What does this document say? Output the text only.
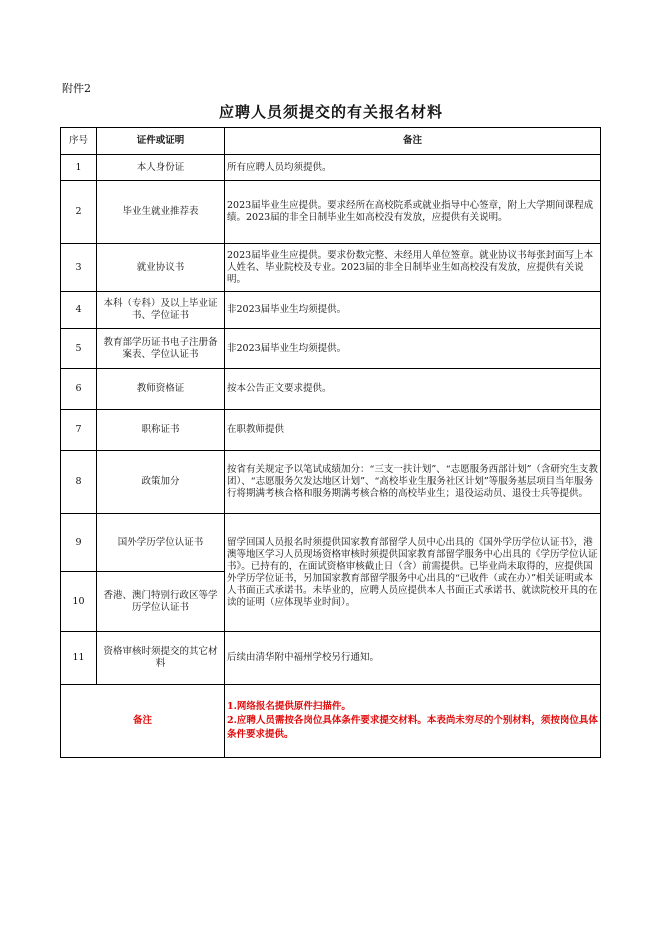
附件2
应聘人员须提交的有关报名材料
序号	证件或证明	备注
1	本人身份证	所有应聘人员均须提供。
2	毕业生就业推荐表	2023届毕业生应提供。要求经所在高校院系或就业指导中心签章，附上大学期间课程成绩。2023届的非全日制毕业生如高校没有发放，应提供有关说明。
3	就业协议书	2023届毕业生应提供。要求份数完整、未经用人单位签章。就业协议书每张封面写上本人姓名、毕业院校及专业。2023届的非全日制毕业生如高校没有发放，应提供有关说明。
4	本科（专科）及以上毕业证书、学位证书	非2023届毕业生均须提供。
5	教育部学历证书电子注册备案表、学位认证书	非2023届毕业生均须提供。
6	教师资格证	按本公告正文要求提供。
7	职称证书	在职教师提供
8	政策加分	按省有关规定予以笔试成绩加分：“三支一扶计划”、“志愿服务西部计划”（含研究生支教团）、“志愿服务欠发达地区计划”、“高校毕业生服务社区计划”等服务基层项目当年服务行将期满考核合格和服务期满考核合格的高校毕业生；退役运动员、退役士兵等提供。
9	国外学历学位认证书	留学回国人员报名时须提供国家教育部留学人员中心出具的《国外学历学位认证书》，港澳等地区学习人员现场资格审核时须提供国家教育部留学服务中心出具的《学历学位认证书》。已持有的，在面试资格审核截止日（含）前需提供。已毕业尚未取得的，应提供国外学历学位证书，另加国家教育部留学服务中心出具的“已收件（或在办）”相关证明或本人书面正式承诺书。未毕业的，应聘人员应提供本人书面正式承诺书、就读院校开具的在读的证明（应体现毕业时间）。
10	香港、澳门特别行政区等学历学位认证书	
11	资格审核时须提交的其它材料	后续由清华附中福州学校另行通知。
备注		1.网络报名提供原件扫描件。
2.应聘人员需按各岗位具体条件要求提交材料。本表尚未穷尽的个别材料，须按岗位具体条件要求提供。
